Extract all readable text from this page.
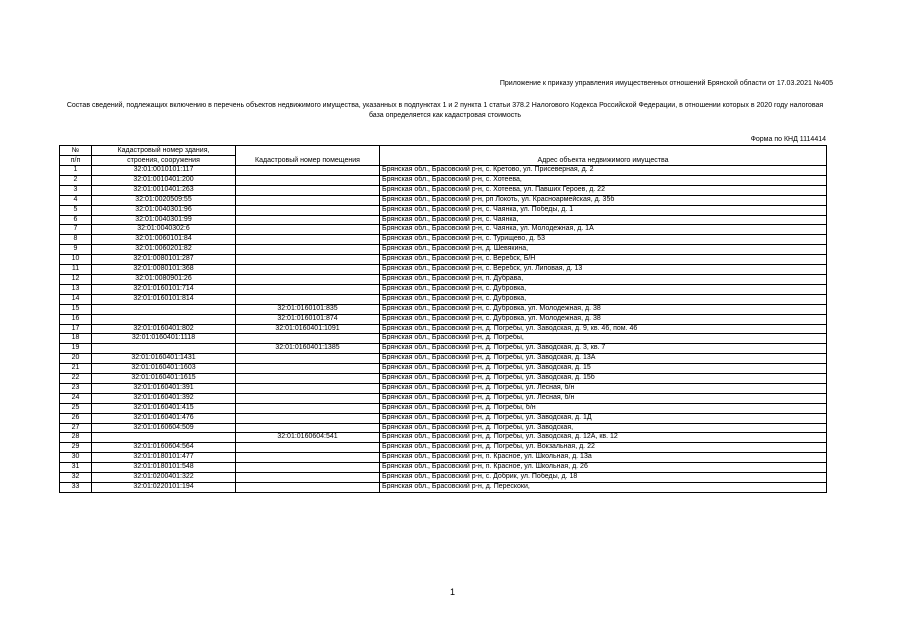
Приложение к приказу управления имущественных отношений Брянской области от 17.03.2021 №405
Состав сведений, подлежащих включению в перечень объектов недвижимого имущества, указанных в подпунктах 1 и 2 пункта 1 статьи 378.2 Налогового Кодекса Российской Федерации, в отношении которых в 2020 году налоговая база определяется как кадастровая стоимость
Форма по КНД 1114414
№	Кадастровый номер здания,	Кадастровый номер помещения	Адрес объекта недвижимого имущества
п/п	строения, сооружения		
1	32:01:0010101:117		Брянская обл., Брасовский р-н, с. Кретово, ул. Присеверная, д. 2
2	32:01:0010401:200		Брянская обл., Брасовский р-н, с. Хотеева,
3	32:01:0010401:263		Брянская обл., Брасовский р-н, с. Хотеева, ул. Павших Героев, д. 22
4	32:01:0020509:55		Брянская обл., Брасовский р-н, рп Локоть, ул. Красноармейская, д. 35б
5	32:01:0040301:96		Брянская обл., Брасовский р-н, с. Чаянка, ул. Победы, д. 1
6	32:01:0040301:99		Брянская обл., Брасовский р-н, с. Чаянка,
7	32:01:0040302:6		Брянская обл., Брасовский р-н, с. Чаянка, ул. Молодежная, д. 1А
8	32:01:0060101:84		Брянская обл., Брасовский р-н, с. Турищево, д. 53
9	32:01:0060201:82		Брянская обл., Брасовский р-н, д. Шевякина,
10	32:01:0080101:287		Брянская обл., Брасовский р-н, с. Веребск, Б/Н
11	32:01:0080101:368		Брянская обл., Брасовский р-н, с. Веребск, ул. Липовая, д. 13
12	32:01:0080901:26		Брянская обл., Брасовский р-н, п. Дубрава,
13	32:01:0160101:714		Брянская обл., Брасовский р-н, с. Дубровка,
14	32:01:0160101:814		Брянская обл., Брасовский р-н, с. Дубровка,
15		32:01:0160101:835	Брянская обл., Брасовский р-н, с. Дубровка, ул. Молодежная, д. 38
16		32:01:0160101:874	Брянская обл., Брасовский р-н, с. Дубровка, ул. Молодежная, д. 38
17	32:01:0160401:802	32:01:0160401:1091	Брянская обл., Брасовский р-н, д. Погребы, ул. Заводская, д. 9, кв. 46, пом. 46
18	32:01:0160401:1118		Брянская обл., Брасовский р-н, д. Погребы,
19		32:01:0160401:1385	Брянская обл., Брасовский р-н, д. Погребы, ул. Заводская, д. 3, кв. 7
20	32:01:0160401:1431		Брянская обл., Брасовский р-н, д. Погребы, ул. Заводская, д. 13А
21	32:01:0160401:1603		Брянская обл., Брасовский р-н, д. Погребы, ул. Заводская, д. 15
22	32:01:0160401:1615		Брянская обл., Брасовский р-н, д. Погребы, ул. Заводская, д. 15б
23	32:01:0160401:391		Брянская обл., Брасовский р-н, д. Погребы, ул. Лесная, б/н
24	32:01:0160401:392		Брянская обл., Брасовский р-н, д. Погребы, ул. Лесная, б/н
25	32:01:0160401:415		Брянская обл., Брасовский р-н, д. Погребы, б/н
26	32:01:0160401:476		Брянская обл., Брасовский р-н, д. Погребы, ул. Заводская, д. 1Д
27	32:01:0160604:509		Брянская обл., Брасовский р-н, д. Погребы, ул. Заводская,
28		32:01:0160604:541	Брянская обл., Брасовский р-н, д. Погребы, ул. Заводская, д. 12А, кв. 12
29	32:01:0160604:564		Брянская обл., Брасовский р-н, д. Погребы, ул. Вокзальная, д. 22
30	32:01:0180101:477		Брянская обл., Брасовский р-н, п. Красное, ул. Школьная, д. 13а
31	32:01:0180101:548		Брянская обл., Брасовский р-н, п. Красное, ул. Школьная, д. 26
32	32:01:0200401:322		Брянская обл., Брасовский р-н, с. Добрик, ул. Победы, д. 18
33	32:01:0220101:194		Брянская обл., Брасовский р-н, д. Перескоки,
1
